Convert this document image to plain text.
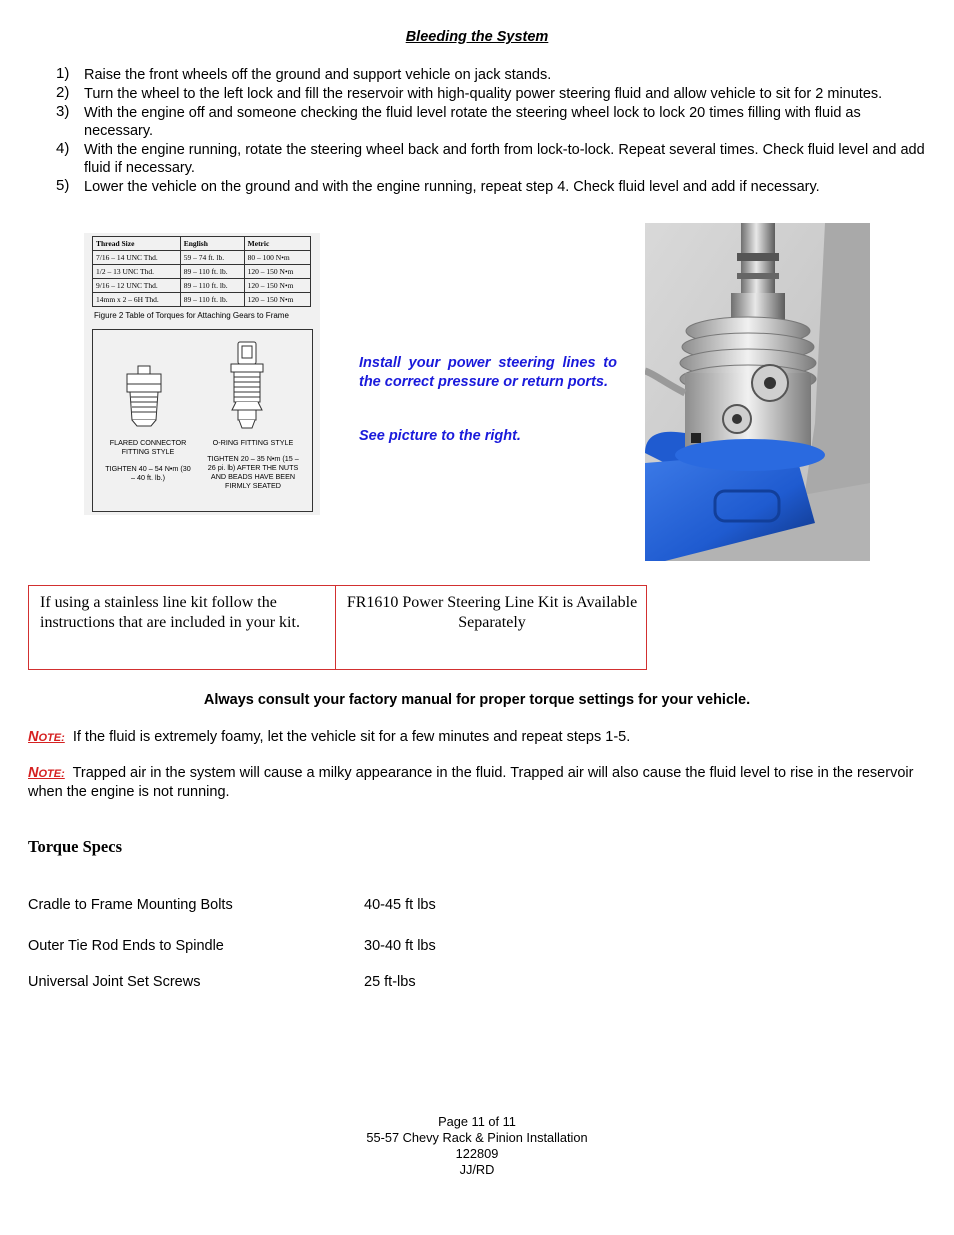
Bleeding the System
1) Raise the front wheels off the ground and support vehicle on jack stands.
2) Turn the wheel to the left lock and fill the reservoir with high-quality power steering fluid and allow vehicle to sit for 2 minutes.
3) With the engine off and someone checking the fluid level rotate the steering wheel lock to lock 20 times filling with fluid as necessary.
4) With the engine running, rotate the steering wheel back and forth from lock-to-lock. Repeat several times. Check fluid level and add fluid if necessary.
5) Lower the vehicle on the ground and with the engine running, repeat step 4. Check fluid level and add if necessary.
Thread Size	English	Metric
7/16 – 14 UNC Thd.	59 – 74 ft. lb.	80 – 100 N•m
1/2 – 13 UNC Thd.	89 – 110 ft. lb.	120 – 150 N•m
9/16 – 12 UNC Thd.	89 – 110 ft. lb.	120 – 150 N•m
14mm x 2 – 6H Thd.	89 – 110 ft. lb.	120 – 150 N•m
Figure 2 Table of Torques for Attaching Gears to Frame
FLARED CONNECTOR FITTING STYLE
TIGHTEN 40 – 54 N•m (30 – 40 ft. lb.)
O-RING FITTING STYLE
TIGHTEN 20 – 35 N•m (15 – 26 pi. lb) AFTER THE NUTS AND BEADS HAVE BEEN FIRMLY SEATED
Install your power steering lines to the correct pressure or return ports.
See picture to the right.
If using a stainless line kit follow the instructions that are included in your kit.
FR1610 Power Steering Line Kit is Available Separately
Always consult your factory manual for proper torque settings for your vehicle.
NOTE: If the fluid is extremely foamy, let the vehicle sit for a few minutes and repeat steps 1-5.
NOTE: Trapped air in the system will cause a milky appearance in the fluid. Trapped air will also cause the fluid level to rise in the reservoir when the engine is not running.
Torque Specs
Cradle to Frame Mounting Bolts	40-45 ft lbs
Outer Tie Rod Ends to Spindle	30-40 ft lbs
Universal Joint Set Screws	25 ft-lbs
Page 11 of 11
55-57 Chevy Rack & Pinion Installation
122809
JJ/RD
